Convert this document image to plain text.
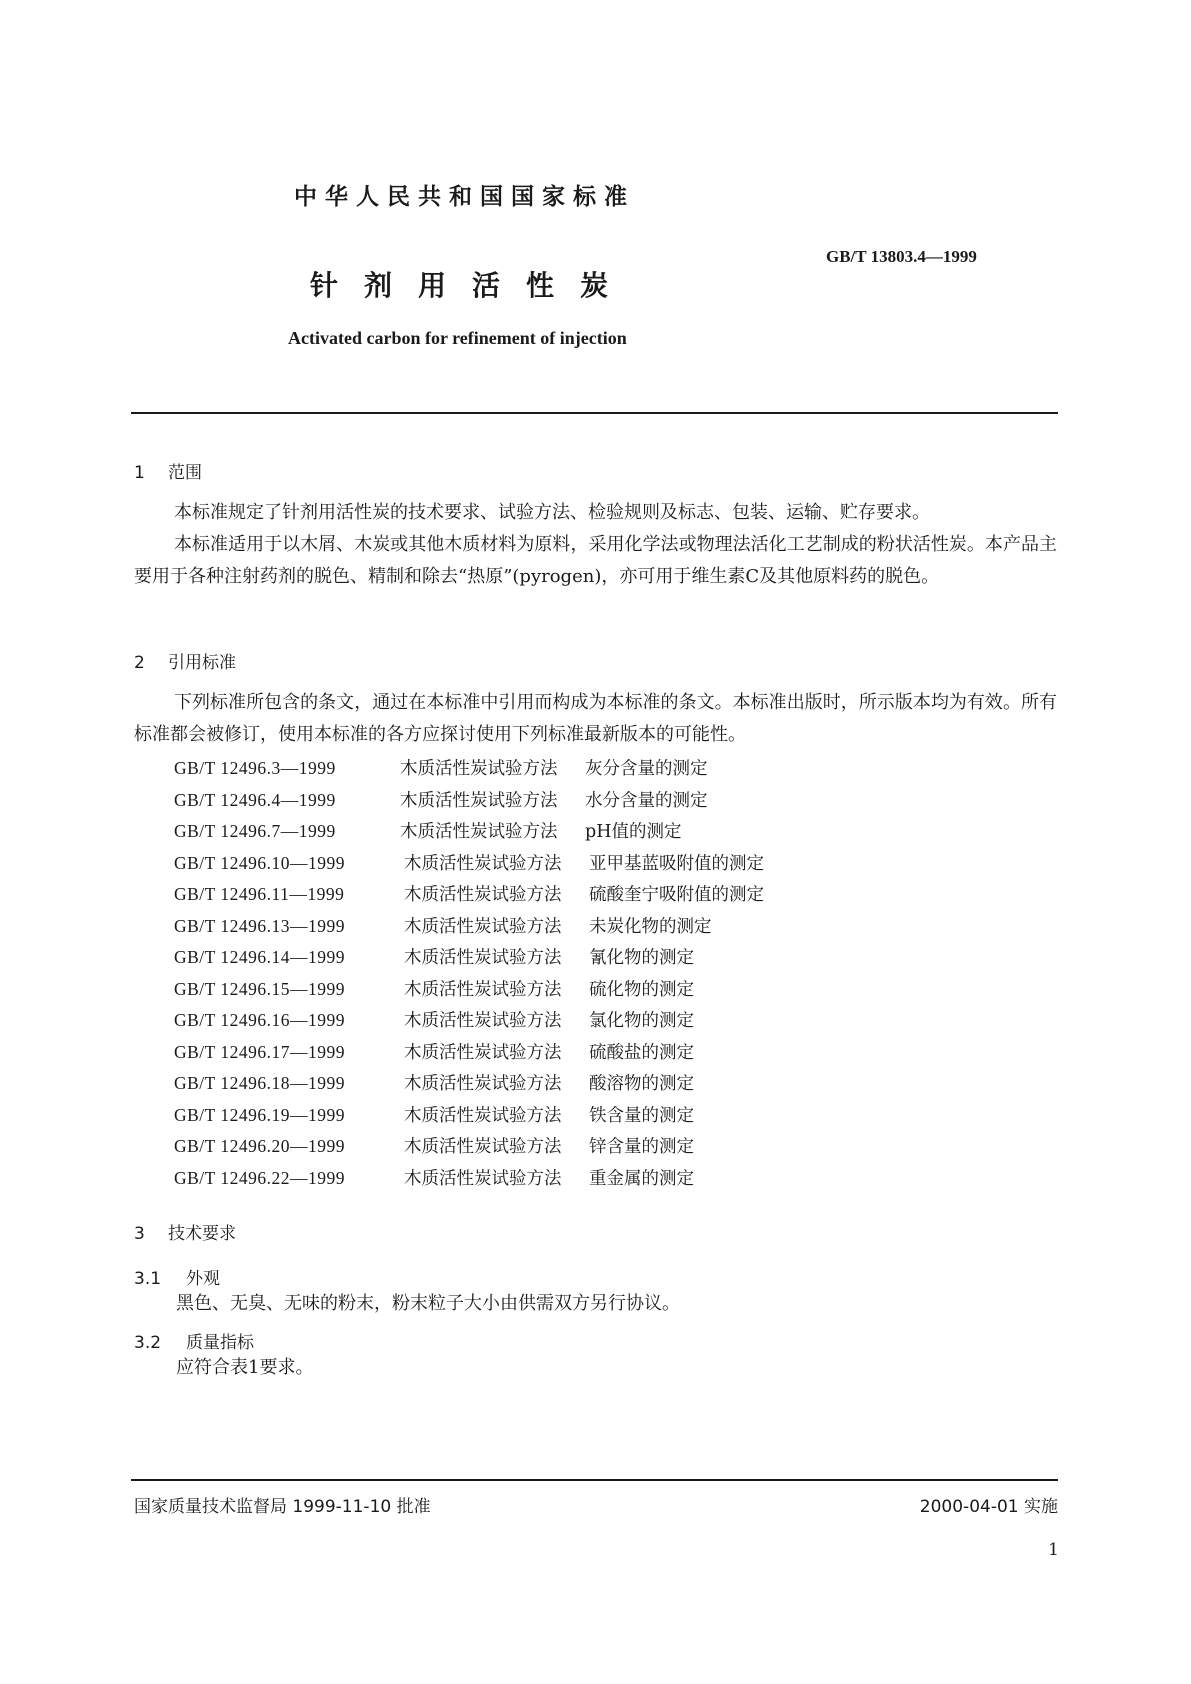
中华人民共和国国家标准
GB/T 13803.4—1999
针剂用活性炭
Activated carbon for refinement of injection
1 范围
本标准规定了针剂用活性炭的技术要求、试验方法、检验规则及标志、包装、运输、贮存要求。
本标准适用于以木屑、木炭或其他木质材料为原料，采用化学法或物理法活化工艺制成的粉状活性炭。本产品主要用于各种注射药剂的脱色、精制和除去“热原”(pyrogen)，亦可用于维生素C及其他原料药的脱色。
2 引用标准
下列标准所包含的条文，通过在本标准中引用而构成为本标准的条文。本标准出版时，所示版本均为有效。所有标准都会被修订，使用本标准的各方应探讨使用下列标准最新版本的可能性。
GB/T 12496.3—1999	木质活性炭试验方法 灰分含量的测定
GB/T 12496.4—1999	木质活性炭试验方法 水分含量的测定
GB/T 12496.7—1999	木质活性炭试验方法 pH值的测定
GB/T 12496.10—1999	木质活性炭试验方法 亚甲基蓝吸附值的测定
GB/T 12496.11—1999	木质活性炭试验方法 硫酸奎宁吸附值的测定
GB/T 12496.13—1999	木质活性炭试验方法 未炭化物的测定
GB/T 12496.14—1999	木质活性炭试验方法 氰化物的测定
GB/T 12496.15—1999	木质活性炭试验方法 硫化物的测定
GB/T 12496.16—1999	木质活性炭试验方法 氯化物的测定
GB/T 12496.17—1999	木质活性炭试验方法 硫酸盐的测定
GB/T 12496.18—1999	木质活性炭试验方法 酸溶物的测定
GB/T 12496.19—1999	木质活性炭试验方法 铁含量的测定
GB/T 12496.20—1999	木质活性炭试验方法 锌含量的测定
GB/T 12496.22—1999	木质活性炭试验方法 重金属的测定
3 技术要求
3.1 外观
黑色、无臭、无味的粉末，粉末粒子大小由供需双方另行协议。
3.2 质量指标
应符合表1要求。
国家质量技术监督局 1999-11-10 批准	2000-04-01 实施
1
